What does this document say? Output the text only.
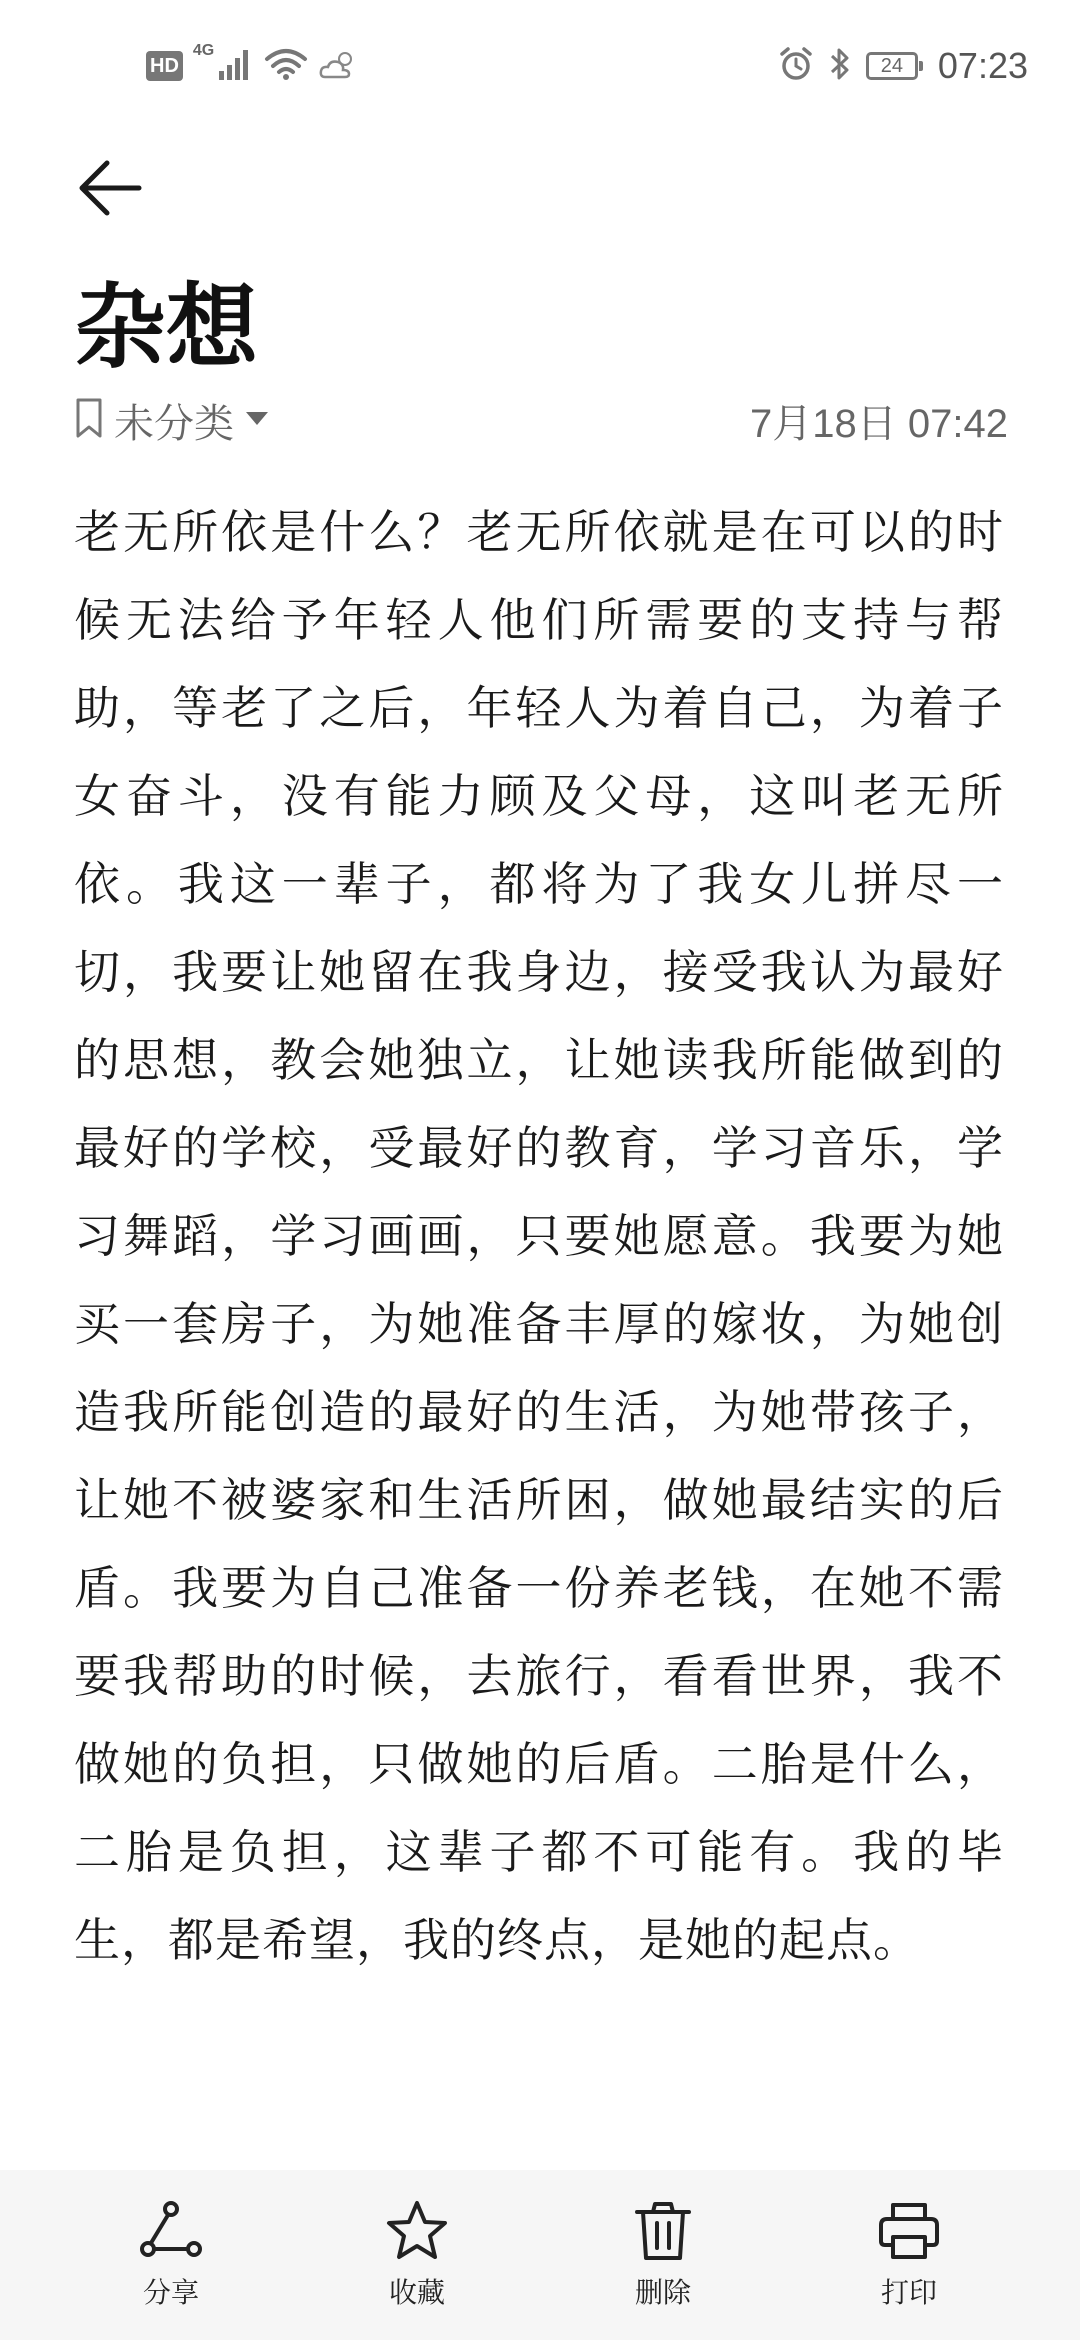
HD
4G
24 07:23
杂想
未分类	7月18日 07:42

老无所依是什么？老无所依就是在可以的时候无法给予年轻人他们所需要的支持与帮助，等老了之后，年轻人为着自己，为着子女奋斗，没有能力顾及父母，这叫老无所依。我这一辈子，都将为了我女儿拼尽一切，我要让她留在我身边，接受我认为最好的思想，教会她独立，让她读我所能做到的最好的学校，受最好的教育，学习音乐，学习舞蹈，学习画画，只要她愿意。我要为她买一套房子，为她准备丰厚的嫁妆，为她创造我所能创造的最好的生活，为她带孩子，让她不被婆家和生活所困，做她最结实的后盾。我要为自己准备一份养老钱，在她不需要我帮助的时候，去旅行，看看世界，我不做她的负担，只做她的后盾。二胎是什么，二胎是负担，这辈子都不可能有。我的毕生，都是希望，我的终点，是她的起点。

分享	收藏	删除	打印
